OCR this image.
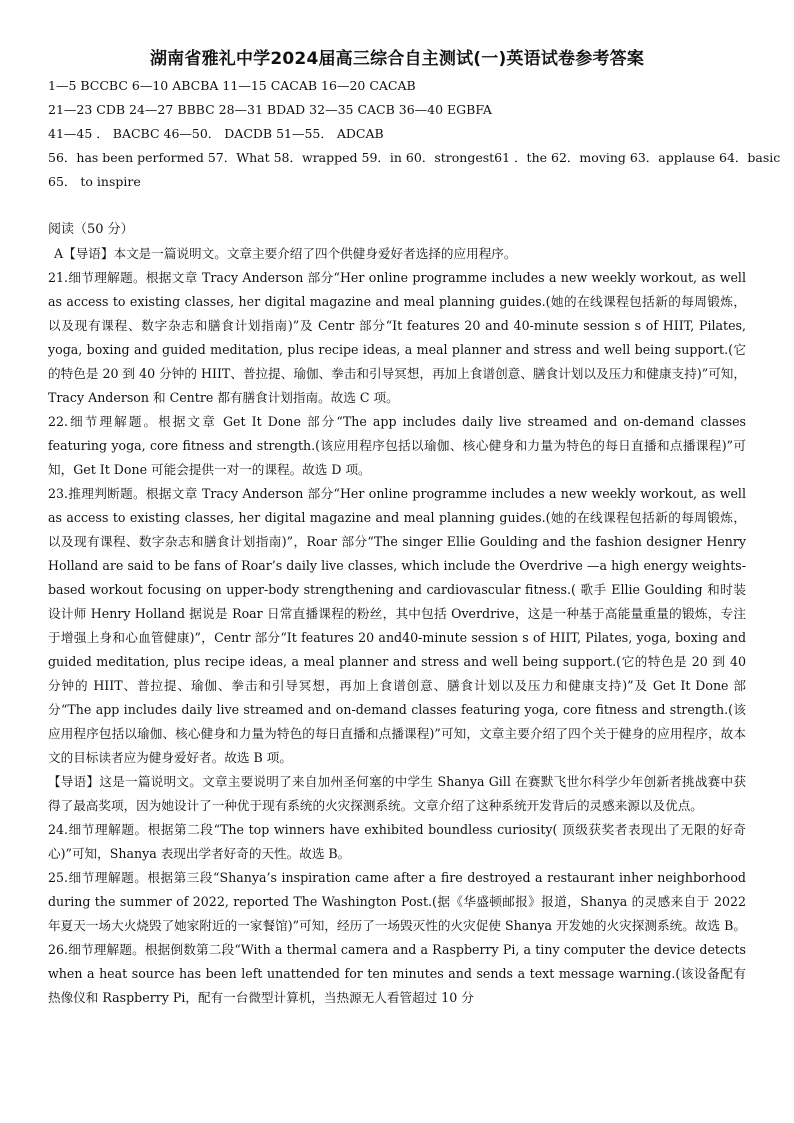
湖南省雅礼中学2024届高三综合自主测试(一)英语试卷参考答案

1—5 BCCBC 6—10 ABCBA 11—15 CACAB 16—20 CACAB

21—23 CDB 24—27 BBBC 28—31 BDAD 32—35 CACB 36—40 EGBFA

41—45 ． BACBC 46—50． DACDB 51—55． ADCAB

56．has been performed 57．What 58．wrapped 59．in 60．strongest61 ．the 62．moving 63．applause 64．basic

65． to inspire

阅读（50 分）

A【导语】本文是一篇说明文。文章主要介绍了四个供健身爱好者选择的应用程序。

21.细节理解题。根据文章 Tracy Anderson 部分“Her online programme includes a new weekly workout, as well as access to existing classes, her digital magazine and meal planning guides.(她的在线课程包括新的每周锻炼，以及现有课程、数字杂志和膳食计划指南)”及 Centr 部分“It features 20 and 40-minute session s of HIIT, Pilates, yoga, boxing and guided meditation, plus recipe ideas, a meal planner and stress and well being support.(它的特色是 20 到 40 分钟的 HIIT、普拉提、瑜伽、拳击和引导冥想，再加上食谱创意、膳食计划以及压力和健康支持)”可知，Tracy Anderson 和 Centre 都有膳食计划指南。故选 C 项。

22.细节理解题。根据文章 Get It Done 部分“The app includes daily live streamed and on-demand classes featuring yoga, core fitness and strength.(该应用程序包括以瑜伽、核心健身和力量为特色的每日直播和点播课程)”可知，Get It Done 可能会提供一对一的课程。故选 D 项。

23.推理判断题。根据文章 Tracy Anderson 部分“Her online programme includes a new weekly workout, as well as access to existing classes, her digital magazine and meal planning guides.(她的在线课程包括新的每周锻炼，以及现有课程、数字杂志和膳食计划指南)”，Roar 部分“The singer Ellie Goulding and the fashion designer Henry Holland are said to be fans of Roar’s daily live classes, which include the Overdrive —a high energy weights-based workout focusing on upper-body strengthening and cardiovascular fitness.( 歌手 Ellie Goulding 和时装设计师 Henry Holland 据说是 Roar 日常直播课程的粉丝，其中包括 Overdrive，这是一种基于高能量重量的锻炼，专注于增强上身和心血管健康)”，Centr 部分“It features 20 and40-minute session s of HIIT, Pilates, yoga, boxing and guided meditation, plus recipe ideas, a meal planner and stress and well being support.(它的特色是 20 到 40 分钟的 HIIT、普拉提、瑜伽、拳击和引导冥想，再加上食谱创意、膳食计划以及压力和健康支持)”及 Get It Done 部分“The app includes daily live streamed and on-demand classes featuring yoga, core fitness and strength.(该应用程序包括以瑜伽、核心健身和力量为特色的每日直播和点播课程)”可知，文章主要介绍了四个关于健身的应用程序，故本文的目标读者应为健身爱好者。故选 B 项。

【导语】这是一篇说明文。文章主要说明了来自加州圣何塞的中学生 Shanya Gill 在赛默飞世尔科学少年创新者挑战赛中获得了最高奖项，因为她设计了一种优于现有系统的火灾探测系统。文章介绍了这种系统开发背后的灵感来源以及优点。

24.细节理解题。根据第二段“The top winners have exhibited boundless curiosity( 顶级获奖者表现出了无限的好奇心)”可知，Shanya 表现出学者好奇的天性。故选 B。

25.细节理解题。根据第三段“Shanya’s inspiration came after a fire destroyed a restaurant inher neighborhood during the summer of 2022, reported The Washington Post.(据《华盛顿邮报》报道，Shanya 的灵感来自于 2022 年夏天一场大火烧毁了她家附近的一家餐馆)”可知，经历了一场毁灭性的火灾促使 Shanya 开发她的火灾探测系统。故选 B。26.细节理解题。根据倒数第二段“With a thermal camera and a Raspberry Pi, a tiny computer the device detects when a heat source has been left unattended for ten minutes and sends a text message warning.(该设备配有热像仪和 Raspberry Pi，配有一台微型计算机，当热源无人看管超过 10 分
